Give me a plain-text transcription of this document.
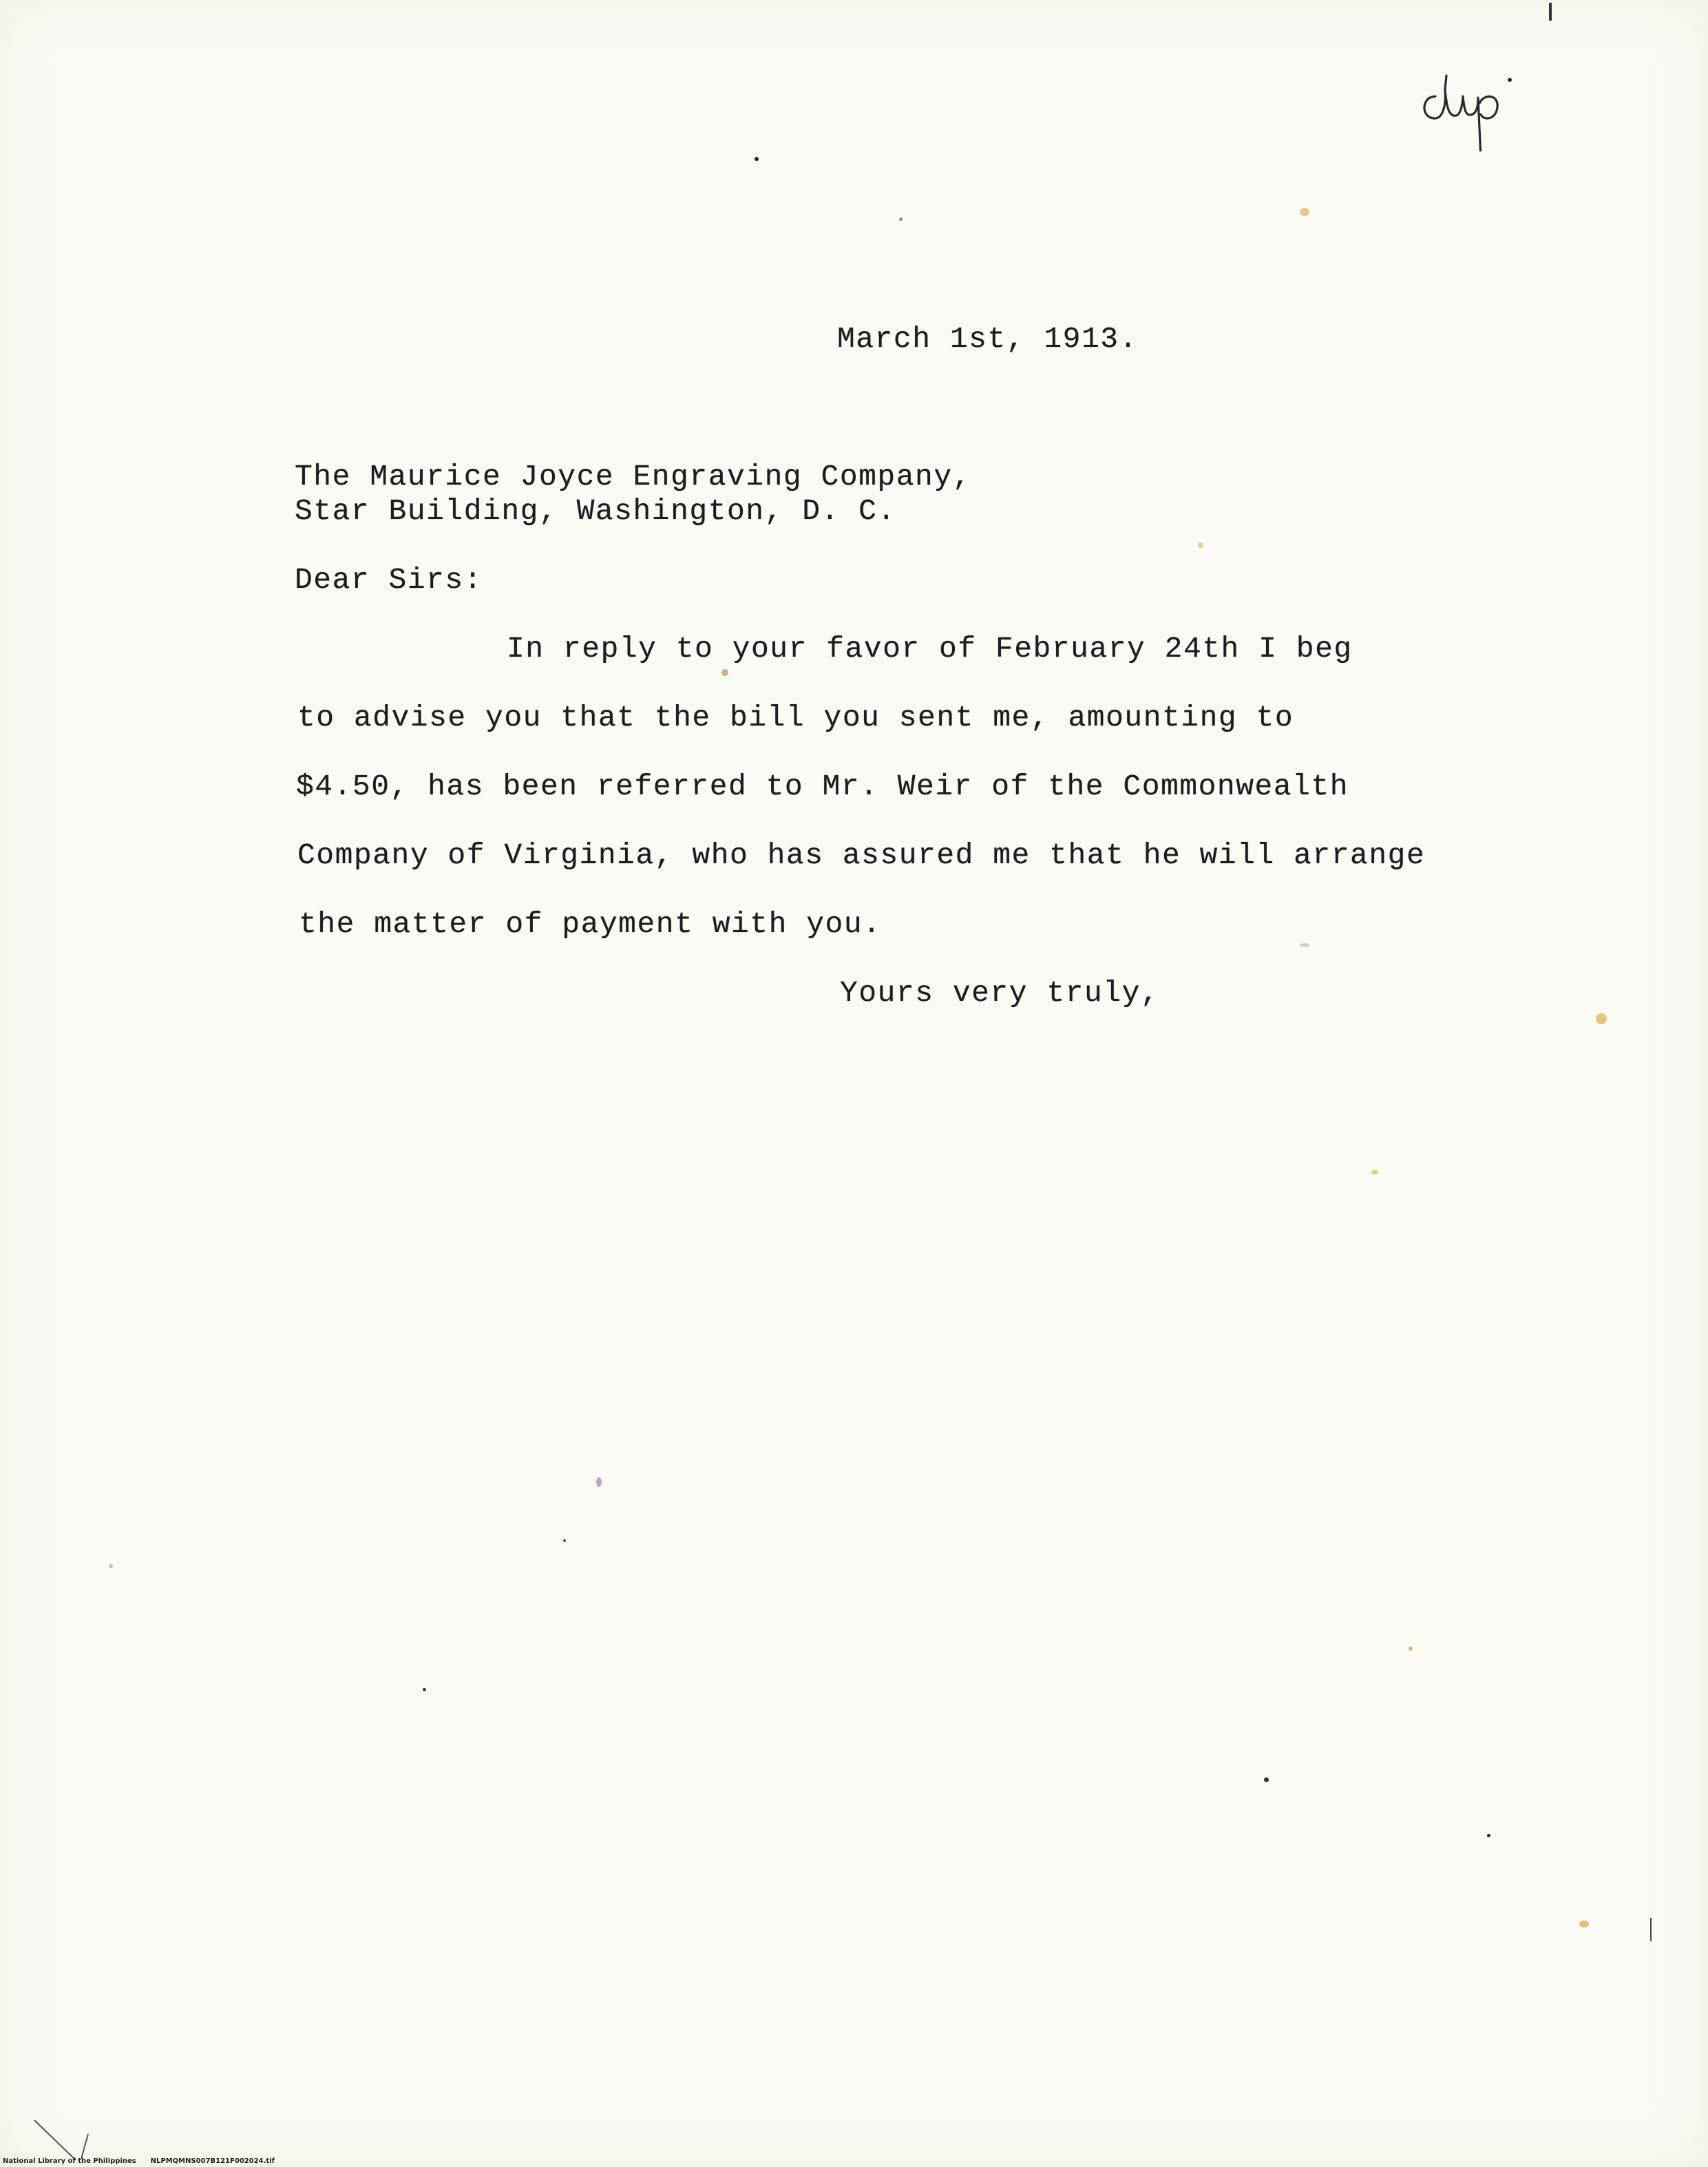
March 1st, 1913.
The Maurice Joyce Engraving Company,
Star Building, Washington, D. C.
Dear Sirs:
In reply to your favor of February 24th I beg
to advise you that the bill you sent me, amounting to
$4.50, has been referred to Mr. Weir of the Commonwealth
Company of Virginia, who has assured me that he will arrange
the matter of payment with you.
Yours very truly,
National Library of the Philippines NLPMQMNS007B121F002024.tif
